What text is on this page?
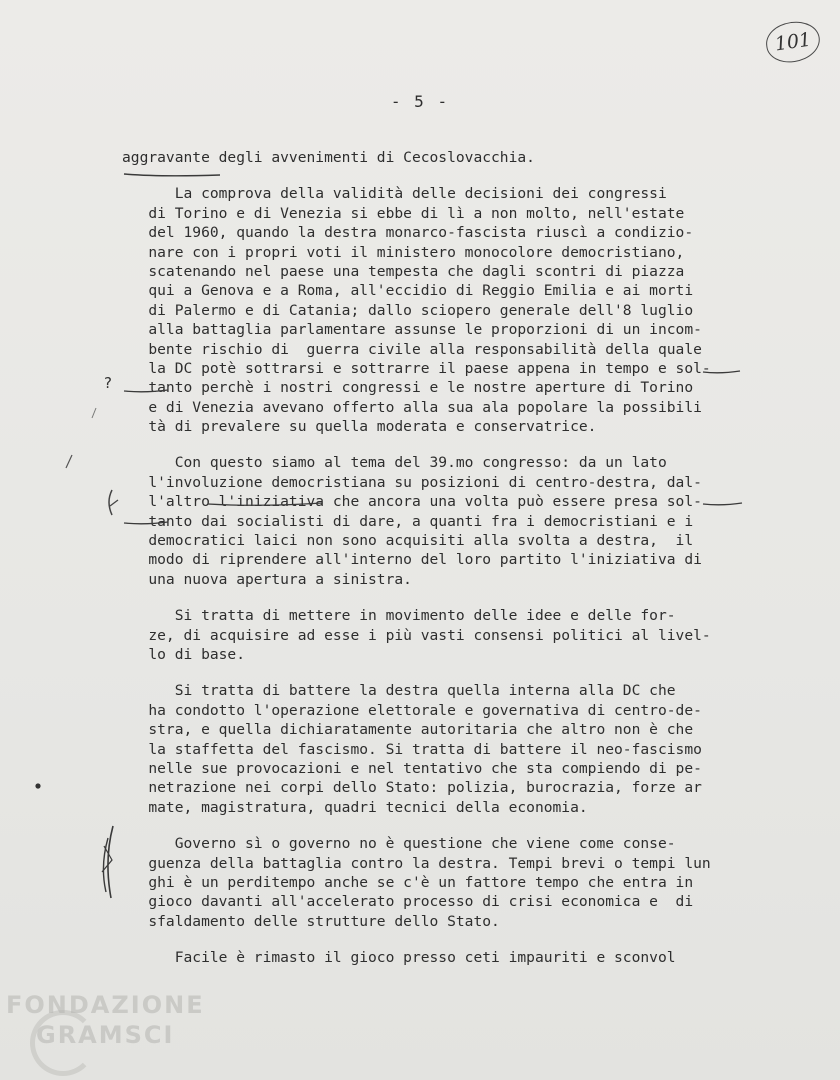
101
- 5 -
aggravante degli avvenimenti di Cecoslovacchia.
La comprova della validità delle decisioni dei congressi
di Torino e di Venezia si ebbe di lì a non molto, nell'estate
del 1960, quando la destra monarco-fascista riuscì a condizio-
nare con i propri voti il ministero monocolore democristiano,
scatenando nel paese una tempesta che dagli scontri di piazza
qui a Genova e a Roma, all'eccidio di Reggio Emilia e ai morti
di Palermo e di Catania; dallo sciopero generale dell'8 luglio
alla battaglia parlamentare assunse le proporzioni di un incom-
bente rischio di  guerra civile alla responsabilità della quale
la DC potè sottrarsi e sottrarre il paese appena in tempo e sol-
tanto perchè i nostri congressi e le nostre aperture di Torino
e di Venezia avevano offerto alla sua ala popolare la possibili
tà di prevalere su quella moderata e conservatrice.
Con questo siamo al tema del 39.mo congresso: da un lato
l'involuzione democristiana su posizioni di centro-destra, dal-
l'altro l'iniziativa che ancora una volta può essere presa sol-
tanto dai socialisti di dare, a quanti fra i democristiani e i
democratici laici non sono acquisiti alla svolta a destra,  il
modo di riprendere all'interno del loro partito l'iniziativa di
una nuova apertura a sinistra.
Si tratta di mettere in movimento delle idee e delle for-
ze, di acquisire ad esse i più vasti consensi politici al livel-
lo di base.
Si tratta di battere la destra quella interna alla DC che
ha condotto l'operazione elettorale e governativa di centro-de-
stra, e quella dichiaratamente autoritaria che altro non è che
la staffetta del fascismo. Si tratta di battere il neo-fascismo
nelle sue provocazioni e nel tentativo che sta compiendo di pe-
netrazione nei corpi dello Stato: polizia, burocrazia, forze ar
mate, magistratura, quadri tecnici della economia.
Governo sì o governo no è questione che viene come conse-
guenza della battaglia contro la destra. Tempi brevi o tempi lun
ghi è un perditempo anche se c'è un fattore tempo che entra in
gioco davanti all'accelerato processo di crisi economica e  di
sfaldamento delle strutture dello Stato.
Facile è rimasto il gioco presso ceti impauriti e sconvol
?
FONDAZIONE
GRAMSCI
